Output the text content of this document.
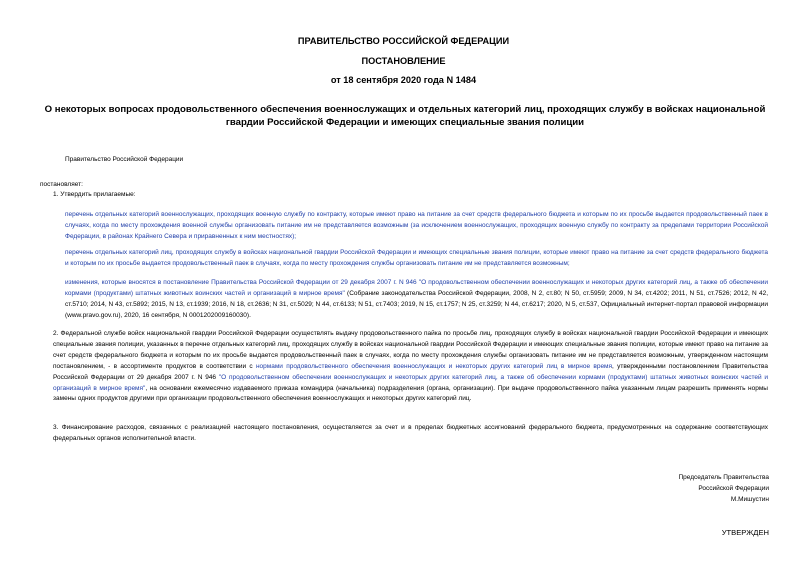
ПРАВИТЕЛЬСТВО РОССИЙСКОЙ ФЕДЕРАЦИИ
ПОСТАНОВЛЕНИЕ
от 18 сентября 2020 года N 1484
О некоторых вопросах продовольственного обеспечения военнослужащих и отдельных категорий лиц, проходящих службу в войсках национальной гвардии Российской Федерации и имеющих специальные звания полиции
Правительство Российской Федерации
постановляет:
1. Утвердить прилагаемые:
перечень отдельных категорий военнослужащих, проходящих военную службу по контракту, которые имеют право на питание за счет средств федерального бюджета и которым по их просьбе выдается продовольственный паек в случаях, когда по месту прохождения военной службы организовать питание им не представляется возможным (за исключением военнослужащих, проходящих военную службу по контракту за пределами территории Российской Федерации, в районах Крайнего Севера и приравненных к ним местностях);
перечень отдельных категорий лиц, проходящих службу в войсках национальной гвардии Российской Федерации и имеющих специальные звания полиции, которые имеют право на питание за счет средств федерального бюджета и которым по их просьбе выдается продовольственный паек в случаях, когда по месту прохождения службы организовать питание им не представляется возможным;
изменения, которые вносятся в постановление Правительства Российской Федерации от 29 декабря 2007 г. N 946 "О продовольственном обеспечении военнослужащих и некоторых других категорий лиц, а также об обеспечении кормами (продуктами) штатных животных воинских частей и организаций в мирное время" (Собрание законодательства Российской Федерации, 2008, N 2, ст.80; N 50, ст.5959; 2009, N 34, ст.4202; 2011, N 51, ст.7526; 2012, N 42, ст.5710; 2014, N 43, ст.5892; 2015, N 13, ст.1939; 2016, N 18, ст.2636; N 31, ст.5029; N 44, ст.6133; N 51, ст.7403; 2019, N 15, ст.1757; N 25, ст.3259; N 44, ст.6217; 2020, N 5, ст.537, Официальный интернет-портал правовой информации (www.pravo.gov.ru), 2020, 16 сентября, N 0001202009160030).
2. Федеральной службе войск национальной гвардии Российской Федерации осуществлять выдачу продовольственного пайка по просьбе лиц, проходящих службу в войсках национальной гвардии Российской Федерации и имеющих специальные звания полиции, указанных в перечне отдельных категорий лиц, проходящих службу в войсках национальной гвардии Российской Федерации и имеющих специальные звания полиции, которые имеют право на питание за счет средств федерального бюджета и которым по их просьбе выдается продовольственный паек в случаях, когда по месту прохождения службы организовать питание им не представляется возможным, утвержденном настоящим постановлением, - в ассортименте продуктов в соответствии с нормами продовольственного обеспечения военнослужащих и некоторых других категорий лиц в мирное время, утвержденными постановлением Правительства Российской Федерации от 29 декабря 2007 г. N 946 "О продовольственном обеспечении военнослужащих и некоторых других категорий лиц, а также об обеспечении кормами (продуктами) штатных животных воинских частей и организаций в мирное время", на основании ежемесячно издаваемого приказа командира (начальника) подразделения (органа, организации). При выдаче продовольственного пайка указанным лицам разрешить применять нормы замены одних продуктов другими при организации продовольственного обеспечения военнослужащих и некоторых других категорий лиц.
3. Финансирование расходов, связанных с реализацией настоящего постановления, осуществляется за счет и в пределах бюджетных ассигнований федерального бюджета, предусмотренных на содержание соответствующих федеральных органов исполнительной власти.
Председатель Правительства
Российской Федерации
М.Мишустин
УТВЕРЖДЕН
